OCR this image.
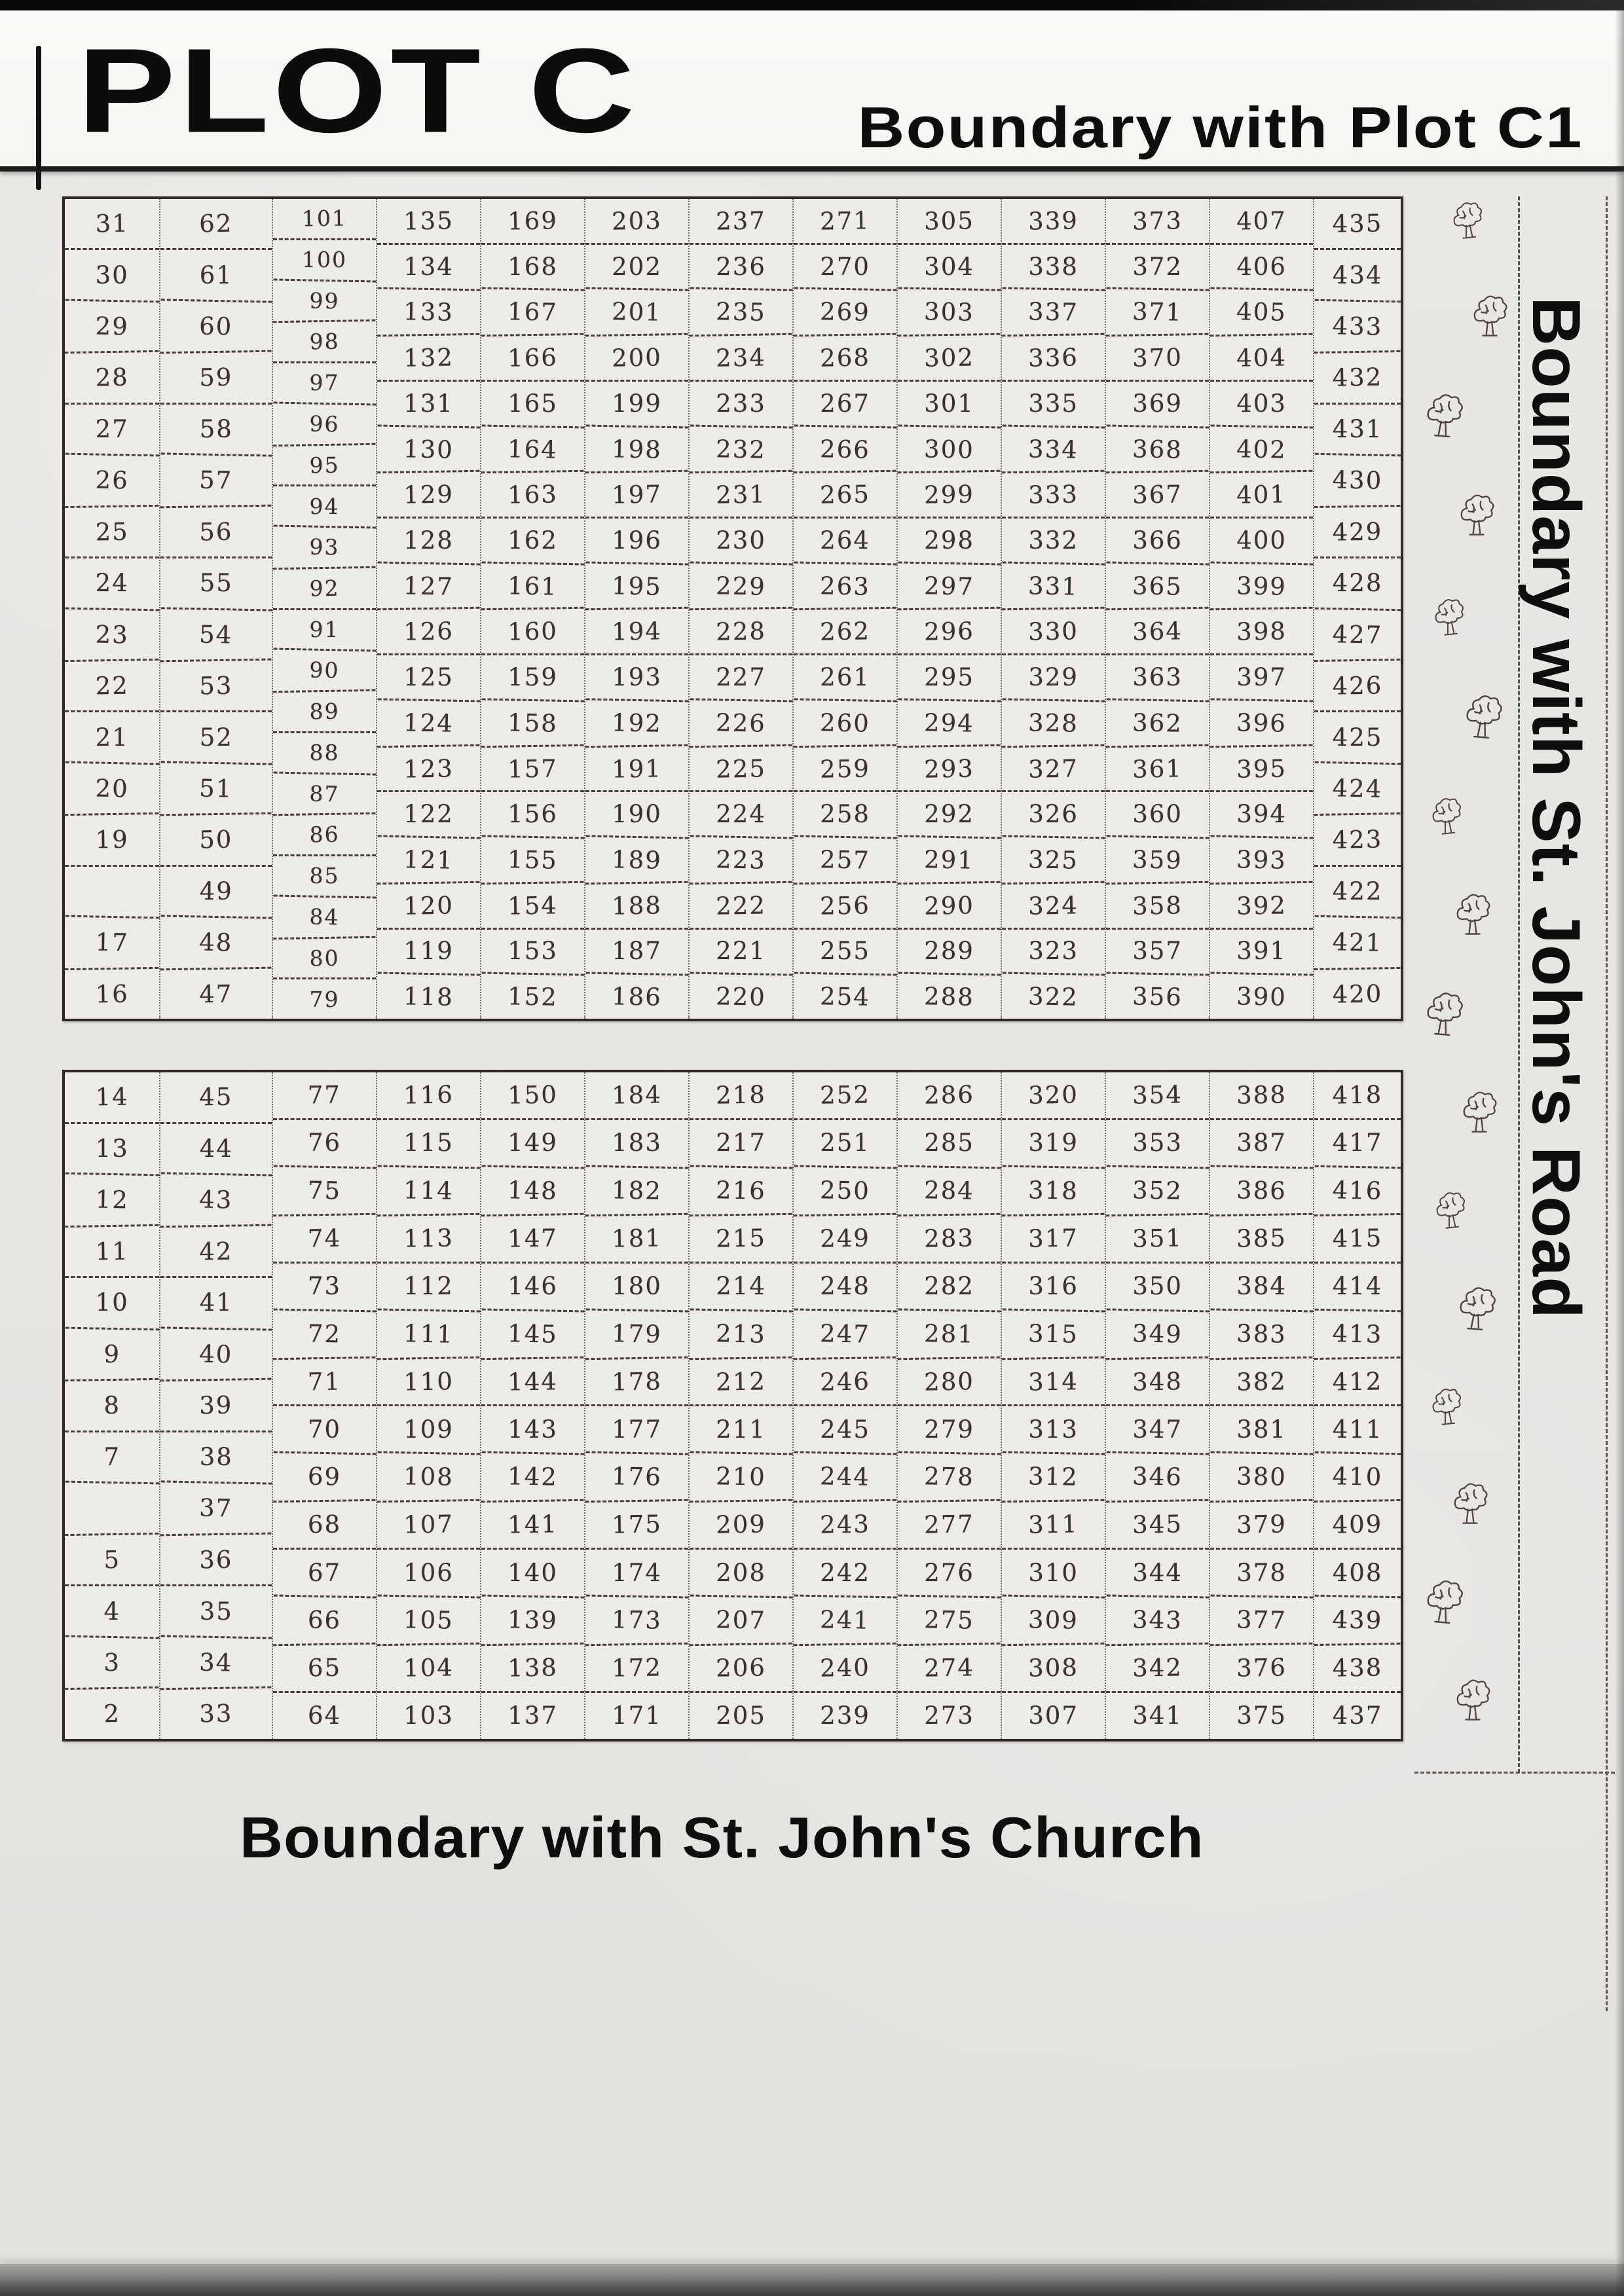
PLOT C	Boundary with Plot C1
31
30
29
28
27
26
25
24
23
22
21
20
19
17
16
62
61
60
59
58
57
56
55
54
53
52
51
50
49
48
47
101
100
99
98
97
96
95
94
93
92
91
90
89
88
87
86
85
84
80
79
135
134
133
132
131
130
129
128
127
126
125
124
123
122
121
120
119
118
169
168
167
166
165
164
163
162
161
160
159
158
157
156
155
154
153
152
203
202
201
200
199
198
197
196
195
194
193
192
191
190
189
188
187
186
237
236
235
234
233
232
231
230
229
228
227
226
225
224
223
222
221
220
271
270
269
268
267
266
265
264
263
262
261
260
259
258
257
256
255
254
305
304
303
302
301
300
299
298
297
296
295
294
293
292
291
290
289
288
339
338
337
336
335
334
333
332
331
330
329
328
327
326
325
324
323
322
373
372
371
370
369
368
367
366
365
364
363
362
361
360
359
358
357
356
407
406
405
404
403
402
401
400
399
398
397
396
395
394
393
392
391
390
435
434
433
432
431
430
429
428
427
426
425
424
423
422
421
420
14
13
12
11
10
9
8
7
5
4
3
2
45
44
43
42
41
40
39
38
37
36
35
34
33
77
76
75
74
73
72
71
70
69
68
67
66
65
64
116
115
114
113
112
111
110
109
108
107
106
105
104
103
150
149
148
147
146
145
144
143
142
141
140
139
138
137
184
183
182
181
180
179
178
177
176
175
174
173
172
171
218
217
216
215
214
213
212
211
210
209
208
207
206
205
252
251
250
249
248
247
246
245
244
243
242
241
240
239
286
285
284
283
282
281
280
279
278
277
276
275
274
273
320
319
318
317
316
315
314
313
312
311
310
309
308
307
354
353
352
351
350
349
348
347
346
345
344
343
342
341
388
387
386
385
384
383
382
381
380
379
378
377
376
375
418
417
416
415
414
413
412
411
410
409
408
439
438
437
Boundary with St. John's Road
Boundary with St. John's Church
